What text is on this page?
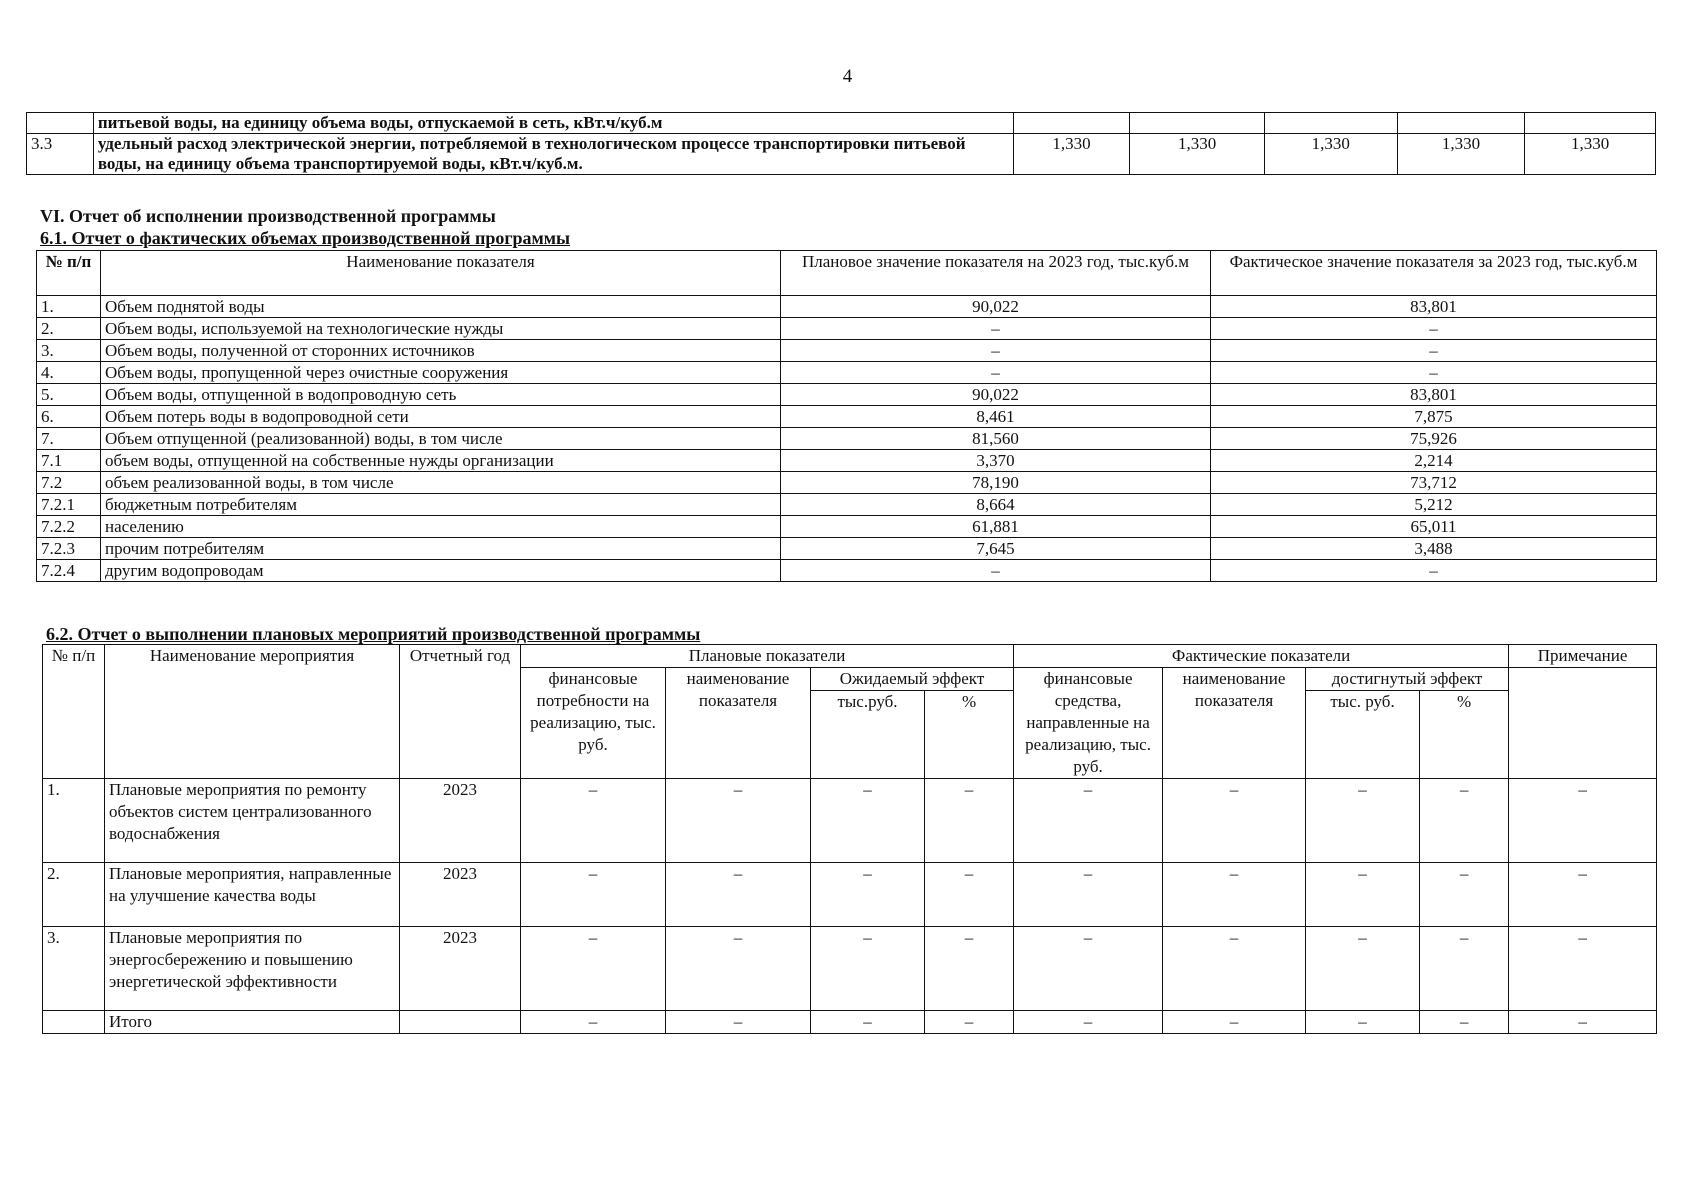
4
	питьевой воды, на единицу объема воды, отпускаемой в сеть, кВт.ч/куб.м					
3.3	удельный расход электрической энергии, потребляемой в технологическом процессе транспортировки питьевой воды, на единицу объема транспортируемой воды, кВт.ч/куб.м.	1,330	1,330	1,330	1,330	1,330
VI. Отчет об исполнении производственной программы
6.1. Отчет о фактических объемах производственной программы
№ п/п	Наименование показателя	Плановое значение показателя на 2023 год, тыс.куб.м	Фактическое значение показателя за 2023 год, тыс.куб.м
1.	Объем поднятой воды	90,022	83,801
2.	Объем воды, используемой на технологические нужды	–	–
3.	Объем воды, полученной от сторонних источников	–	–
4.	Объем воды, пропущенной через очистные сооружения	–	–
5.	Объем воды, отпущенной в водопроводную сеть	90,022	83,801
6.	Объем потерь воды в водопроводной сети	8,461	7,875
7.	Объем отпущенной (реализованной) воды, в том числе	81,560	75,926
7.1	объем воды, отпущенной на собственные нужды организации	3,370	2,214
7.2	объем реализованной воды, в том числе	78,190	73,712
7.2.1	бюджетным потребителям	8,664	5,212
7.2.2	населению	61,881	65,011
7.2.3	прочим потребителям	7,645	3,488
7.2.4	другим водопроводам	–	–
6.2. Отчет о выполнении плановых мероприятий производственной программы
№ п/п	Наименование мероприятия	Отчетный год	Плановые показатели				Фактические показатели				Примечание
			финансовые потребности на реализацию, тыс. руб.	наименование показателя	Ожидаемый эффект		финансовые средства, направленные на реализацию, тыс. руб.	наименование показателя	достигнутый эффект		
					тыс.руб.	%			тыс. руб.	%	
1.	Плановые мероприятия по ремонту объектов систем централизованного водоснабжения	2023	–	–	–	–	–	–	–	–	–
2.	Плановые мероприятия, направленные на улучшение качества воды	2023	–	–	–	–	–	–	–	–	–
3.	Плановые мероприятия по энергосбережению и повышению энергетической эффективности	2023	–	–	–	–	–	–	–	–	–
	Итого		–	–	–	–	–	–	–	–	–
